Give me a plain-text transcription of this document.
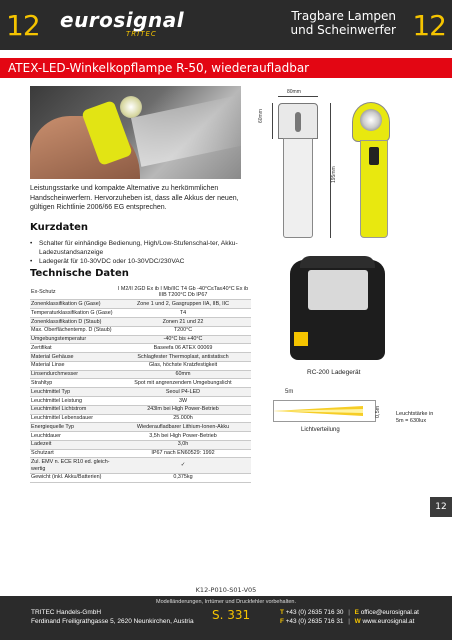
12 eurosignal
TRITEC
Tragbare Lampen
und Scheinwerfer 12
ATEX-LED-Winkelkopflampe R-50, wiederaufladbar
80mm
60mm
195mm
Leistungsstarke und kompakte Alternative zu herkömmlichen Handscheinwerfern. Hervorzuheben ist, dass alle Akkus der neuen, gültigen Richtlinie 2006/66 EG entsprechen.
Kurzdaten
• Schalter für einhändige Bedienung, High/Low-Stufenschal-ter, Akku-Ladezustandsanzeige
• Ladegerät für 10-30VDC oder 10-30VDC/230VAC
Technische Daten
Ex-Schutz	I M2/II 2GD Ex ib I Mb/IIC T4 Gb -40°C≤Ta≤40°C Ex ib IIIB T200°C Db IP67
Zonenklassifikation G (Gase)	Zone 1 und 2, Gasgruppen IIA, IIB, IIC
Temperaturklassifikation G (Gase)	T4
Zonenklassifikation D (Staub)	Zonen 21 und 22
Max. Oberflächentemp. D (Staub)	T200°C
Umgebungstemperatur	-40°C bis +40°C
Zertifikat	Baseefa 06 ATEX 00069
Material Gehäuse	Schlagfester Thermoplast, antistatisch
Material Linse	Glas, höchste Kratzfestigkeit
Linsendurchmesser	60mm
Strahltyp	Spot mit angrenzendem Umgebungslicht
Leuchtmittel Typ	Seoul P4-LED
Leuchtmittel Leistung	3W
Leuchtmittel Lichtstrom	243lm bei High Power-Betrieb
Leuchtmittel Lebensdauer	25.000h
Energiequelle Typ	Wiederaufladbarer Lithium-Ionen-Akku
Leuchtdauer	3,5h bei High Power-Betrieb
Ladezeit	3,0h
Schutzart	IP67 nach EN60529: 1992
Zul. EMV n. ECE R10 ed. gleich-wertig	✓
Gewicht (inkl. Akku/Batterien)	0,375kg
RC-200 Ladegerät
5m
0,5m
Lichtverteilung
Leuchtstärke in
5m = 630lux
12
K12-P010-S01-V05
Modelländerungen, Irrtümer und Druckfehler vorbehalten.
TRITEC Handels-GmbH
Ferdinand Freiligrathgasse 5, 2620 Neunkirchen, Austria S. 331	T +43 (0) 2635 716 30 | E office@eurosignal.at
F +43 (0) 2635 716 31 | W www.eurosignal.at
